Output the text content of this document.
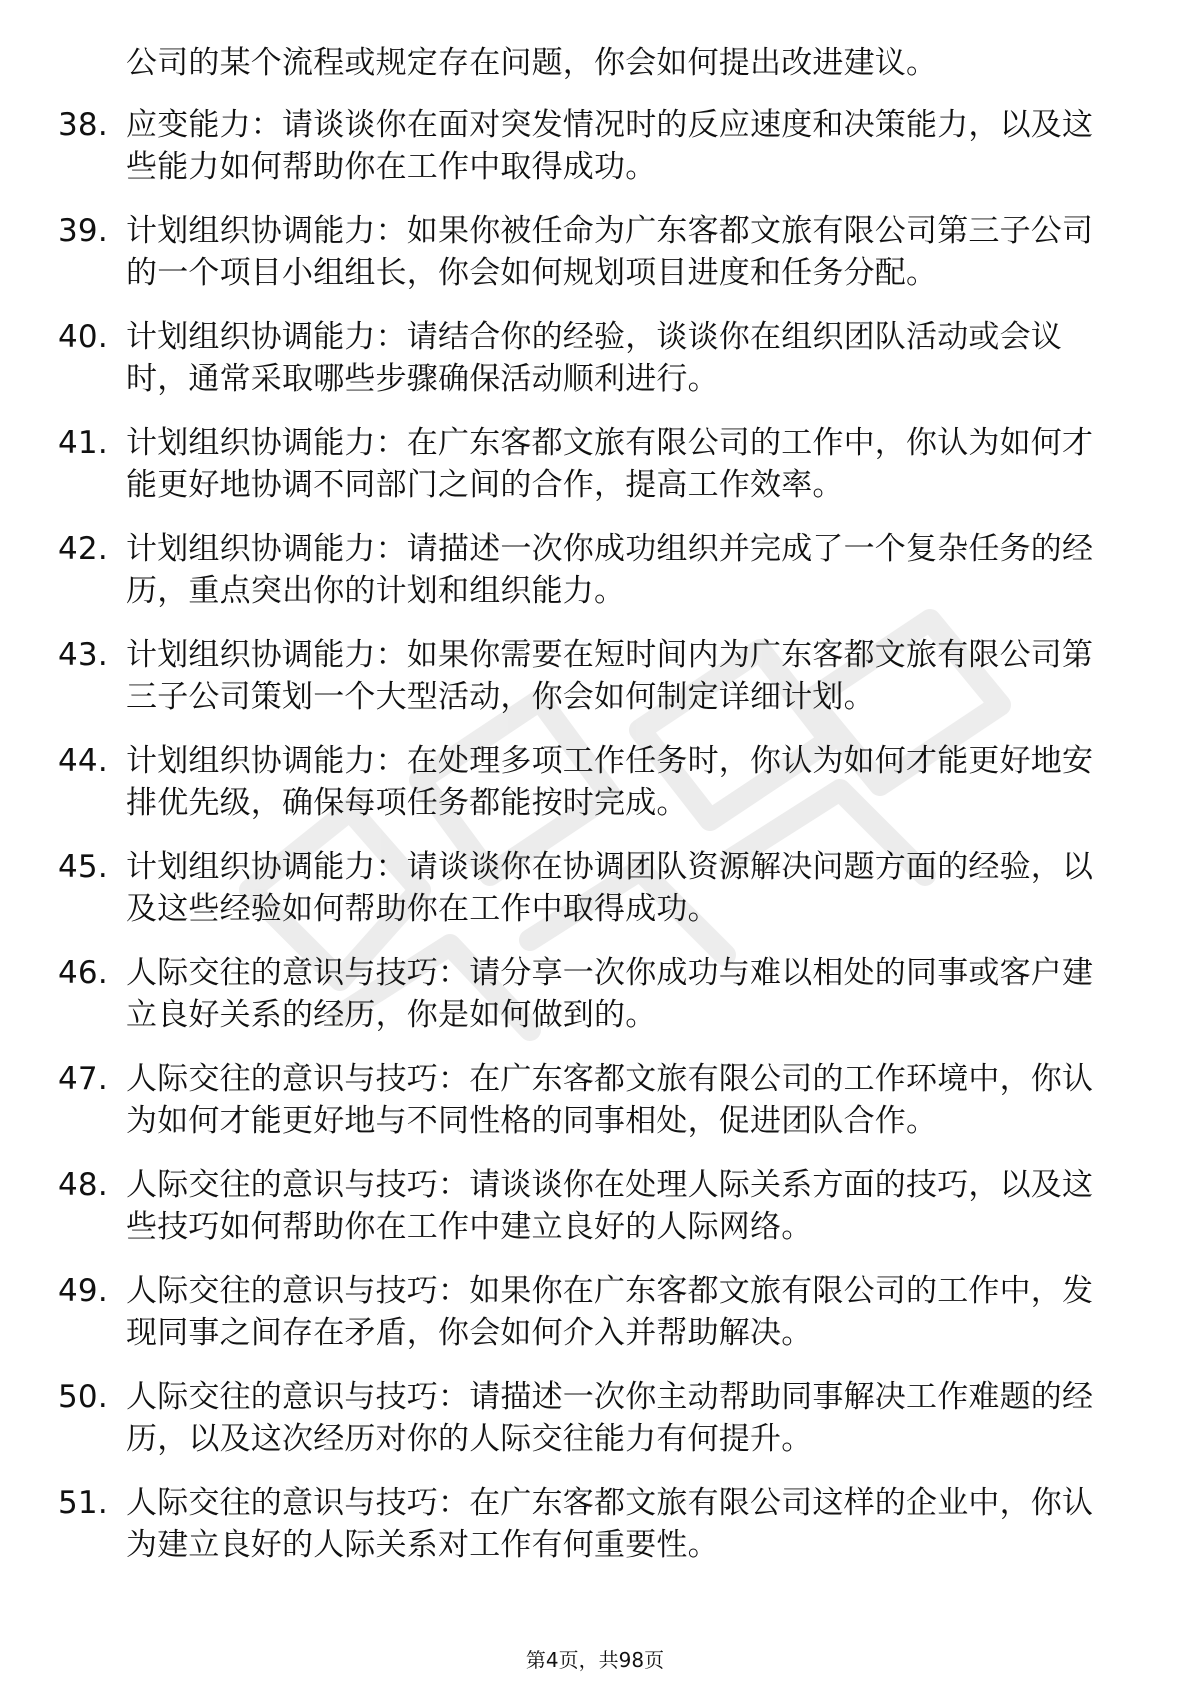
公司的某个流程或规定存在问题，你会如何提出改进建议。
38. 应变能力：请谈谈你在面对突发情况时的反应速度和决策能力，以及这些能力如何帮助你在工作中取得成功。
39. 计划组织协调能力：如果你被任命为广东客都文旅有限公司第三子公司的一个项目小组组长，你会如何规划项目进度和任务分配。
40. 计划组织协调能力：请结合你的经验，谈谈你在组织团队活动或会议时，通常采取哪些步骤确保活动顺利进行。
41. 计划组织协调能力：在广东客都文旅有限公司的工作中，你认为如何才能更好地协调不同部门之间的合作，提高工作效率。
42. 计划组织协调能力：请描述一次你成功组织并完成了一个复杂任务的经历，重点突出你的计划和组织能力。
43. 计划组织协调能力：如果你需要在短时间内为广东客都文旅有限公司第三子公司策划一个大型活动，你会如何制定详细计划。
44. 计划组织协调能力：在处理多项工作任务时，你认为如何才能更好地安排优先级，确保每项任务都能按时完成。
45. 计划组织协调能力：请谈谈你在协调团队资源解决问题方面的经验，以及这些经验如何帮助你在工作中取得成功。
46. 人际交往的意识与技巧：请分享一次你成功与难以相处的同事或客户建立良好关系的经历，你是如何做到的。
47. 人际交往的意识与技巧：在广东客都文旅有限公司的工作环境中，你认为如何才能更好地与不同性格的同事相处，促进团队合作。
48. 人际交往的意识与技巧：请谈谈你在处理人际关系方面的技巧，以及这些技巧如何帮助你在工作中建立良好的人际网络。
49. 人际交往的意识与技巧：如果你在广东客都文旅有限公司的工作中，发现同事之间存在矛盾，你会如何介入并帮助解决。
50. 人际交往的意识与技巧：请描述一次你主动帮助同事解决工作难题的经历，以及这次经历对你的人际交往能力有何提升。
51. 人际交往的意识与技巧：在广东客都文旅有限公司这样的企业中，你认为建立良好的人际关系对工作有何重要性。
第4页，共98页
